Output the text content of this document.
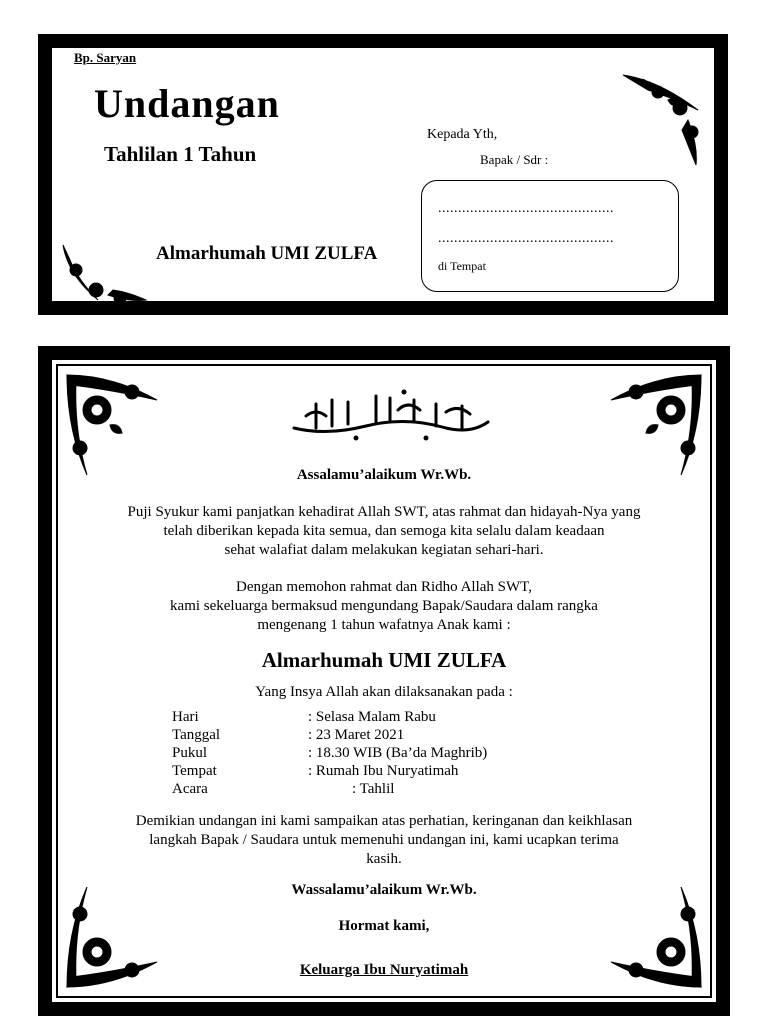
Bp. Saryan
Undangan
Tahlilan 1 Tahun
Almarhumah UMI ZULFA
Kepada Yth,
Bapak / Sdr :
............................................
............................................
di Tempat

Assalamu’alaikum Wr.Wb.

Puji Syukur kami panjatkan kehadirat Allah SWT, atas rahmat dan hidayah-Nya yang

telah diberikan kepada kita semua, dan semoga kita selalu dalam keadaan

sehat walafiat dalam melakukan kegiatan sehari-hari.

Dengan memohon rahmat dan Ridho Allah SWT,

kami sekeluarga bermaksud mengundang Bapak/Saudara dalam rangka

mengenang 1 tahun wafatnya Anak kami :

Almarhumah UMI ZULFA

Yang Insya Allah akan dilaksanakan pada :

Hari	: Selasa Malam Rabu
Tanggal	: 23 Maret 2021
Pukul	: 18.30 WIB (Ba’da Maghrib)
Tempat	: Rumah Ibu Nuryatimah
Acara	: Tahlil
Demikian undangan ini kami sampaikan atas perhatian, keringanan dan keikhlasan
langkah Bapak / Saudara untuk memenuhi undangan ini, kami ucapkan terima
kasih.
Wassalamu’alaikum Wr.Wb.
Hormat kami,
Keluarga Ibu Nuryatimah
